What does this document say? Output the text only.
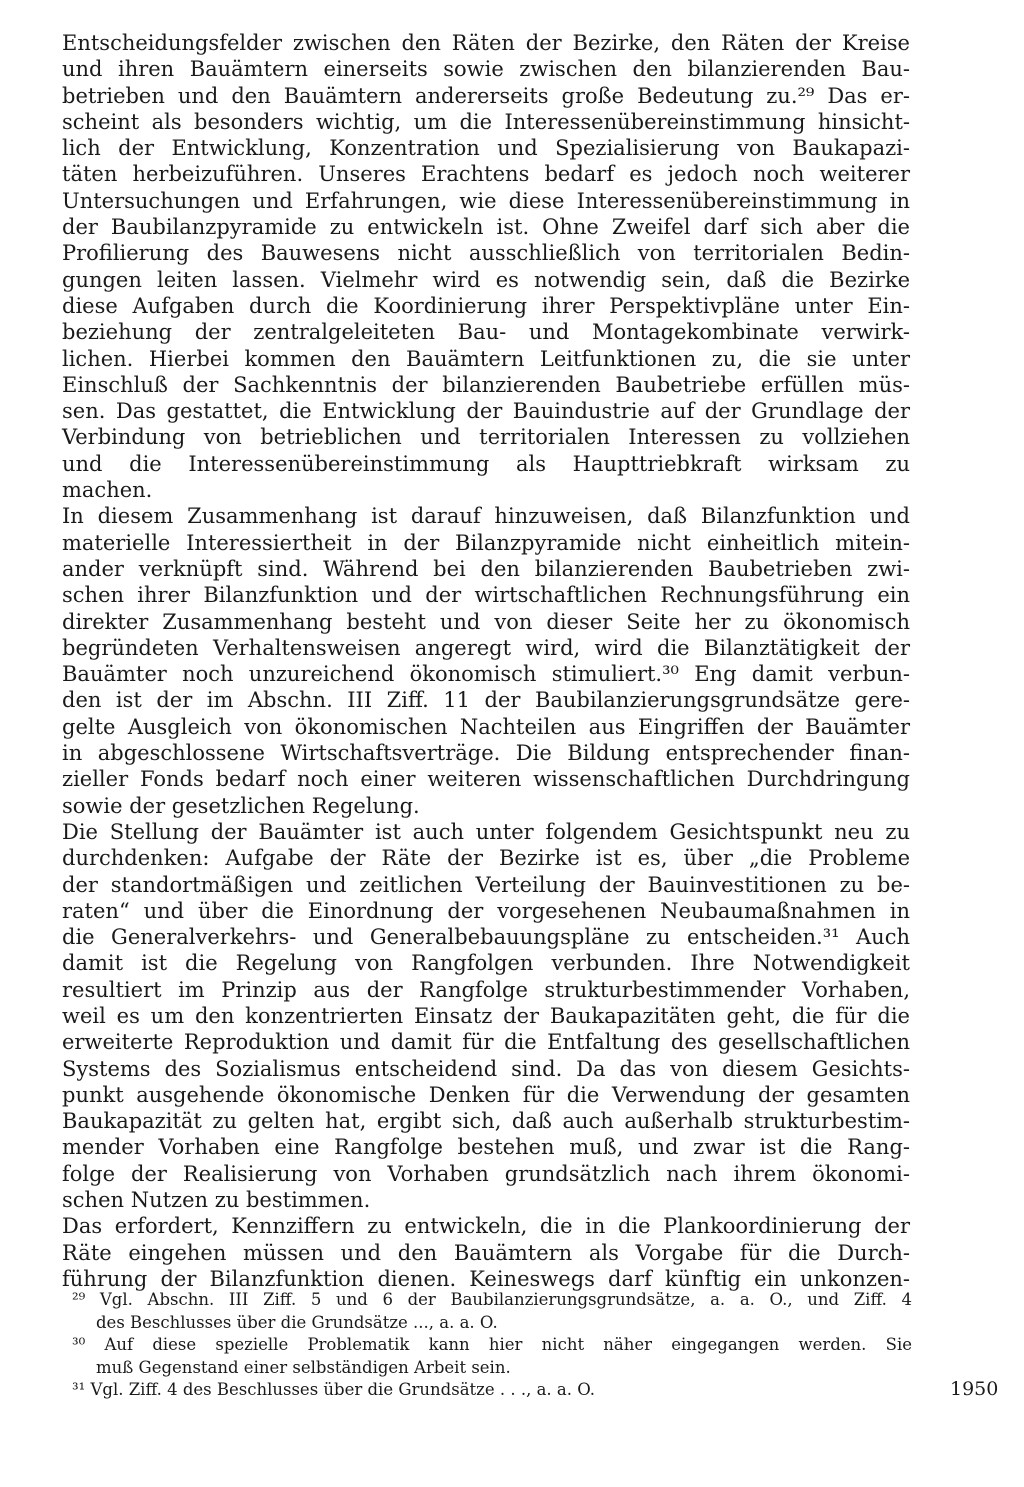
Entscheidungsfelder zwischen den Räten der Bezirke, den Räten der Kreise
und ihren Bauämtern einerseits sowie zwischen den bilanzierenden Bau-
betrieben und den Bauämtern andererseits große Bedeutung zu.²⁹ Das er-
scheint als besonders wichtig, um die Interessenübereinstimmung hinsicht-
lich der Entwicklung, Konzentration und Spezialisierung von Baukapazi-
täten herbeizuführen. Unseres Erachtens bedarf es jedoch noch weiterer
Untersuchungen und Erfahrungen, wie diese Interessenübereinstimmung in
der Baubilanzpyramide zu entwickeln ist. Ohne Zweifel darf sich aber die
Profilierung des Bauwesens nicht ausschließlich von territorialen Bedin-
gungen leiten lassen. Vielmehr wird es notwendig sein, daß die Bezirke
diese Aufgaben durch die Koordinierung ihrer Perspektivpläne unter Ein-
beziehung der zentralgeleiteten Bau- und Montagekombinate verwirk-
lichen. Hierbei kommen den Bauämtern Leitfunktionen zu, die sie unter
Einschluß der Sachkenntnis der bilanzierenden Baubetriebe erfüllen müs-
sen. Das gestattet, die Entwicklung der Bauindustrie auf der Grundlage der
Verbindung von betrieblichen und territorialen Interessen zu vollziehen
und die Interessenübereinstimmung als Haupttriebkraft wirksam zu
machen.
In diesem Zusammenhang ist darauf hinzuweisen, daß Bilanzfunktion und
materielle Interessiertheit in der Bilanzpyramide nicht einheitlich mitein-
ander verknüpft sind. Während bei den bilanzierenden Baubetrieben zwi-
schen ihrer Bilanzfunktion und der wirtschaftlichen Rechnungsführung ein
direkter Zusammenhang besteht und von dieser Seite her zu ökonomisch
begründeten Verhaltensweisen angeregt wird, wird die Bilanztätigkeit der
Bauämter noch unzureichend ökonomisch stimuliert.³⁰ Eng damit verbun-
den ist der im Abschn. III Ziff. 11 der Baubilanzierungsgrundsätze gere-
gelte Ausgleich von ökonomischen Nachteilen aus Eingriffen der Bauämter
in abgeschlossene Wirtschaftsverträge. Die Bildung entsprechender finan-
zieller Fonds bedarf noch einer weiteren wissenschaftlichen Durchdringung
sowie der gesetzlichen Regelung.
Die Stellung der Bauämter ist auch unter folgendem Gesichtspunkt neu zu
durchdenken: Aufgabe der Räte der Bezirke ist es, über „die Probleme
der standortmäßigen und zeitlichen Verteilung der Bauinvestitionen zu be-
raten“ und über die Einordnung der vorgesehenen Neubaumaßnahmen in
die Generalverkehrs- und Generalbebauungspläne zu entscheiden.³¹ Auch
damit ist die Regelung von Rangfolgen verbunden. Ihre Notwendigkeit
resultiert im Prinzip aus der Rangfolge strukturbestimmender Vorhaben,
weil es um den konzentrierten Einsatz der Baukapazitäten geht, die für die
erweiterte Reproduktion und damit für die Entfaltung des gesellschaftlichen
Systems des Sozialismus entscheidend sind. Da das von diesem Gesichts-
punkt ausgehende ökonomische Denken für die Verwendung der gesamten
Baukapazität zu gelten hat, ergibt sich, daß auch außerhalb strukturbestim-
mender Vorhaben eine Rangfolge bestehen muß, und zwar ist die Rang-
folge der Realisierung von Vorhaben grundsätzlich nach ihrem ökonomi-
schen Nutzen zu bestimmen.
Das erfordert, Kennziffern zu entwickeln, die in die Plankoordinierung der
Räte eingehen müssen und den Bauämtern als Vorgabe für die Durch-
führung der Bilanzfunktion dienen. Keineswegs darf künftig ein unkonzen-
²⁹ Vgl. Abschn. III Ziff. 5 und 6 der Baubilanzierungsgrundsätze, a. a. O., und Ziff. 4
des Beschlusses über die Grundsätze ..., a. a. O.
³⁰ Auf diese spezielle Problematik kann hier nicht näher eingegangen werden. Sie
muß Gegenstand einer selbständigen Arbeit sein.
³¹ Vgl. Ziff. 4 des Beschlusses über die Grundsätze . . ., a. a. O.	1950
